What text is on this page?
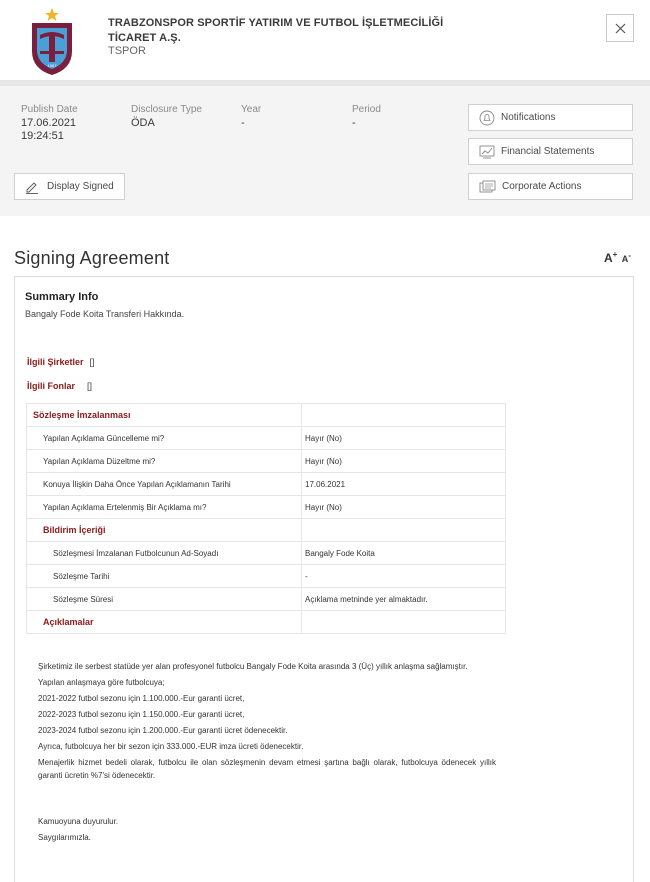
1967
TRABZONSPOR SPORTİF YATIRIM VE FUTBOL İŞLETMECİLİĞİ
TİCARET A.Ş.
TSPOR
Publish Date
17.06.2021
19:24:51
Disclosure Type
ÖDA
Year
-
Period
-	Notifications
Financial Statements
Corporate Actions
Display Signed
Signing Agreement	A+ A-
Summary Info
Bangaly Fode Koita Transferi Hakkında.
İlgili Şirketler []
İlgili Fonlar []
Sözleşme İmzalanması	
Yapılan Açıklama Güncelleme mi?	Hayır (No)
Yapılan Açıklama Düzeltme mi?	Hayır (No)
Konuya İlişkin Daha Önce Yapılan Açıklamanın Tarihi	17.06.2021
Yapılan Açıklama Ertelenmiş Bir Açıklama mı?	Hayır (No)
Bildirim İçeriği	
Sözleşmesi İmzalanan Futbolcunun Ad-Soyadı	Bangaly Fode Koita
Sözleşme Tarihi	-
Sözleşme Süresi	Açıklama metninde yer almaktadır.
Açıklamalar	

Şirketimiz ile serbest statüde yer alan profesyonel futbolcu Bangaly Fode Koita arasında 3 (Üç) yıllık anlaşma sağlamıştır.

Yapılan anlaşmaya göre futbolcuya;

2021-2022 futbol sezonu için 1.100.000.-Eur garanti ücret,

2022-2023 futbol sezonu için 1.150.000.-Eur garanti ücret,

2023-2024 futbol sezonu için 1.200.000.-Eur garanti ücret ödenecektir.

Ayrıca, futbolcuya her bir sezon için 333.000.-EUR imza ücreti ödenecektir.

Menajerlik hizmet bedeli olarak, futbolcu ile olan sözleşmenin devam etmesi şartına bağlı olarak, futbolcuya ödenecek yıllık garanti ücretin %7'si ödenecektir.

Kamuoyuna duyurulur.

Saygılarımızla.
